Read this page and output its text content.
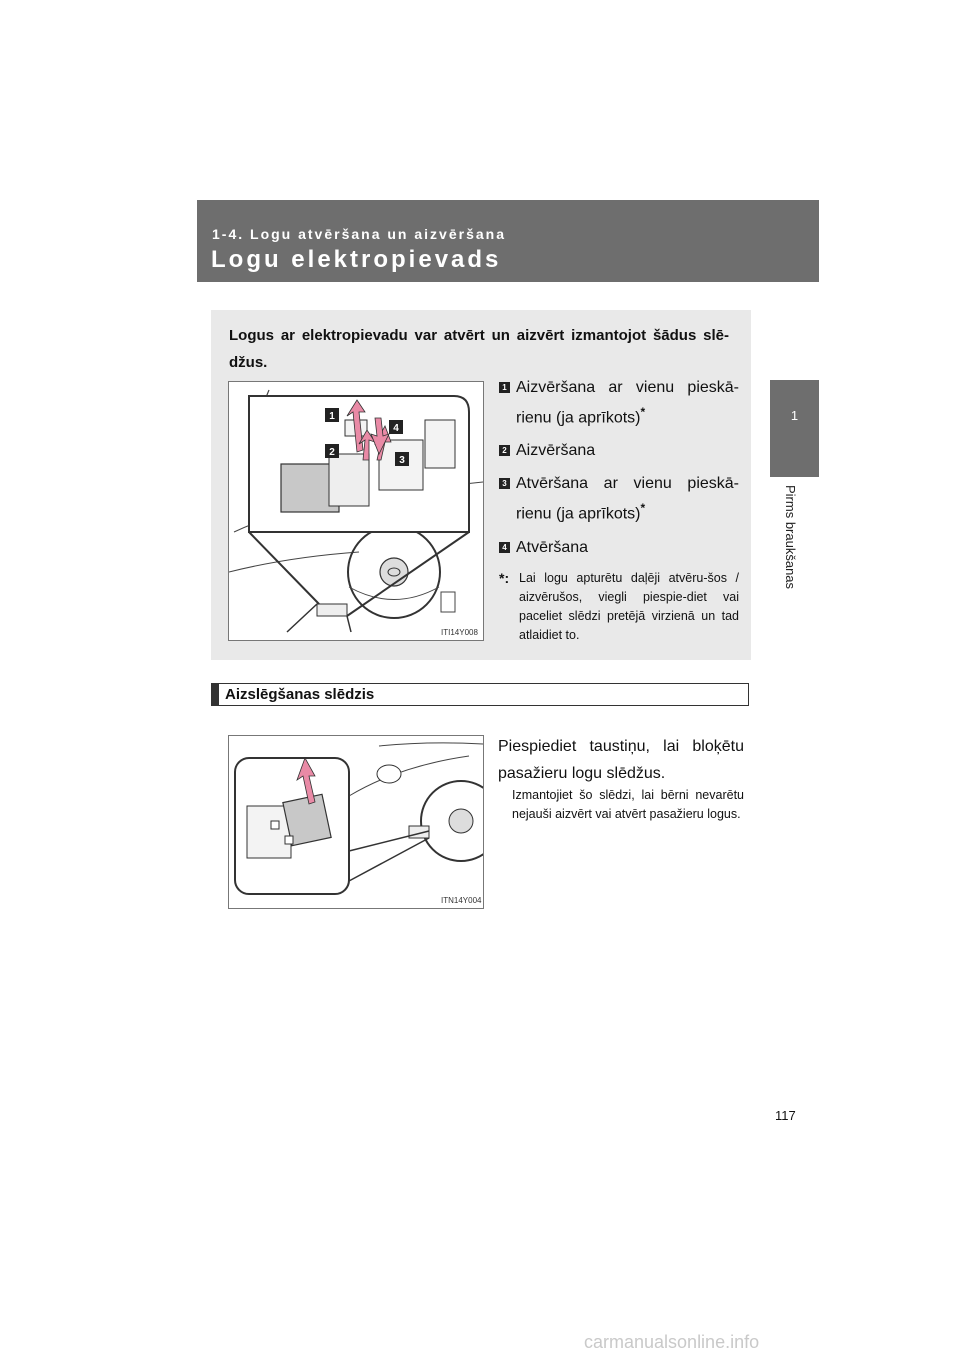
1-4. Logu atvēršana un aizvēršana
Logu elektropievads
1
Pirms braukšanas
Logus ar elektropievadu var atvērt un aizvērt izmantojot šādus slē-džus.
1
4
2
3
ITI14Y008
1 Aizvēršana ar vienu pieskā-rienu (ja aprīkots)*
2 Aizvēršana
3 Atvēršana ar vienu pieskā-rienu (ja aprīkots)*
4 Atvēršana
*: Lai logu apturētu daļēji atvēru-šos / aizvērušos, viegli piespie-diet vai paceliet slēdzi pretējā virzienā un tad atlaidiet to.
Aizslēgšanas slēdzis
ITN14Y004
Piespiediet taustiņu, lai bloķētu pasažieru logu slēdžus.
Izmantojiet šo slēdzi, lai bērni nevarētu nejauši aizvērt vai atvērt pasažieru logus.
117
carmanualsonline.info
